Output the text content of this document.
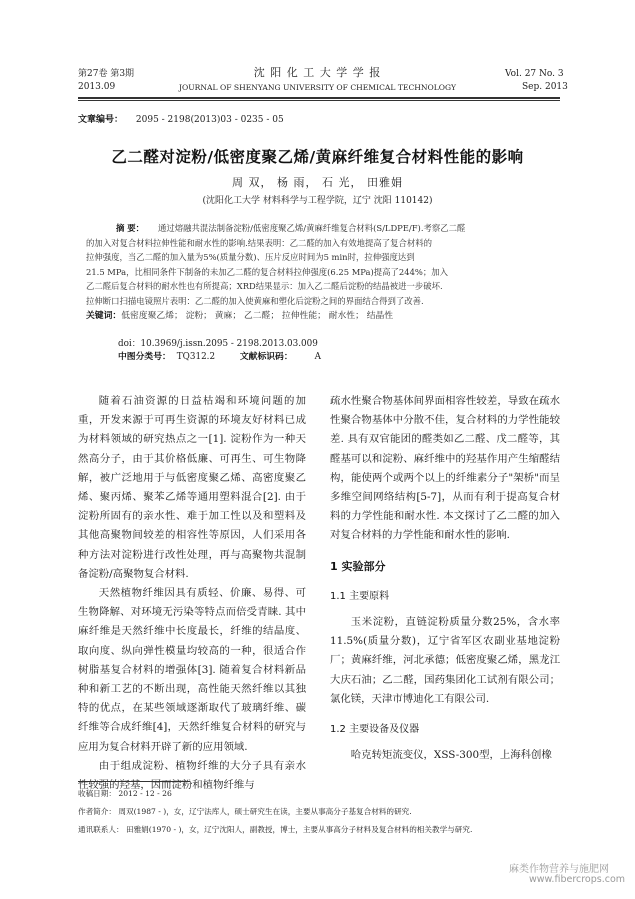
第27卷 第3期
2013.09
沈 阳 化 工 大 学 学 报
JOURNAL OF SHENYANG UNIVERSITY OF CHEMICAL TECHNOLOGY
Vol. 27 No. 3
Sep. 2013
文章编号： 2095 - 2198(2013)03 - 0235 - 05
乙二醛对淀粉/低密度聚乙烯/黄麻纤维复合材料性能的影响
周 双， 杨 雨， 石 光， 田雅娟
(沈阳化工大学 材料科学与工程学院，辽宁 沈阳 110142)

摘 要： 通过熔融共混法制备淀粉/低密度聚乙烯/黄麻纤维复合材料(S/LDPE/F).考察乙二醛

的加入对复合材料拉伸性能和耐水性的影响.结果表明：乙二醛的加入有效地提高了复合材料的

拉伸强度，当乙二醛的加入量为5%(质量分数)、压片反应时间为5 min时，拉伸强度达到

21.5 MPa，比相同条件下制备的未加乙二醛的复合材料拉伸强度(6.25 MPa)提高了244%；加入

乙二醛后复合材料的耐水性也有所提高；XRD结果显示：加入乙二醛后淀粉的结晶被进一步破坏.

拉伸断口扫描电镜照片表明：乙二醛的加入使黄麻和塑化后淀粉之间的界面结合得到了改善.

关键词：低密度聚乙烯； 淀粉； 黄麻； 乙二醛； 拉伸性能； 耐水性； 结晶性

doi：10.3969/j.issn.2095 - 2198.2013.03.009
中图分类号： TQ312.2	文献标识码：	A

随着石油资源的日益枯竭和环境问题的加重，开发来源于可再生资源的环境友好材料已成为材料领域的研究热点之一[1]. 淀粉作为一种天然高分子，由于其价格低廉、可再生、可生物降解，被广泛地用于与低密度聚乙烯、高密度聚乙烯、聚丙烯、聚苯乙烯等通用塑料混合[2]. 由于淀粉所固有的亲水性、难于加工性以及和塑料及其他高聚物间较差的相容性等原因，人们采用各种方法对淀粉进行改性处理，再与高聚物共混制备淀粉/高聚物复合材料.

天然植物纤维因具有质轻、价廉、易得、可生物降解、对环境无污染等特点而倍受青睐. 其中麻纤维是天然纤维中长度最长，纤维的结晶度、取向度、纵向弹性模量均较高的一种，很适合作树脂基复合材料的增强体[3]. 随着复合材料新品种和新工艺的不断出现，高性能天然纤维以其独特的优点，在某些领域逐渐取代了玻璃纤维、碳纤维等合成纤维[4]，天然纤维复合材料的研究与应用为复合材料开辟了新的应用领域.

由于组成淀粉、植物纤维的大分子具有亲水性较强的羟基，因而淀粉和植物纤维与

疏水性聚合物基体间界面相容性较差，导致在疏水性聚合物基体中分散不佳，复合材料的力学性能较差. 具有双官能团的醛类如乙二醛、戊二醛等，其醛基可以和淀粉、麻纤维中的羟基作用产生缩醛结构，能使两个或两个以上的纤维素分子"架桥"而呈多维空间网络结构[5-7]，从而有利于提高复合材料的力学性能和耐水性. 本文探讨了乙二醛的加入对复合材料的力学性能和耐水性的影响.

1 实验部分
1.1 主要原料

玉米淀粉，直链淀粉质量分数25%，含水率11.5%(质量分数)，辽宁省军区农副业基地淀粉厂；黄麻纤维，河北承德；低密度聚乙烯，黑龙江大庆石油；乙二醛，国药集团化工试剂有限公司；氯化镁，天津市博迪化工有限公司.

1.2 主要设备及仪器

哈克转矩流变仪，XSS-300型，上海科创橡

收稿日期： 2012 - 12 - 26
作者简介： 周双(1987 - )，女，辽宁法库人，硕士研究生在读，主要从事高分子基复合材料的研究.
通讯联系人： 田雅娟(1970 - )，女，辽宁沈阳人，副教授，博士，主要从事高分子材料及复合材料的相关教学与研究.
麻类作物营养与施肥网
www.fibercrops.com
